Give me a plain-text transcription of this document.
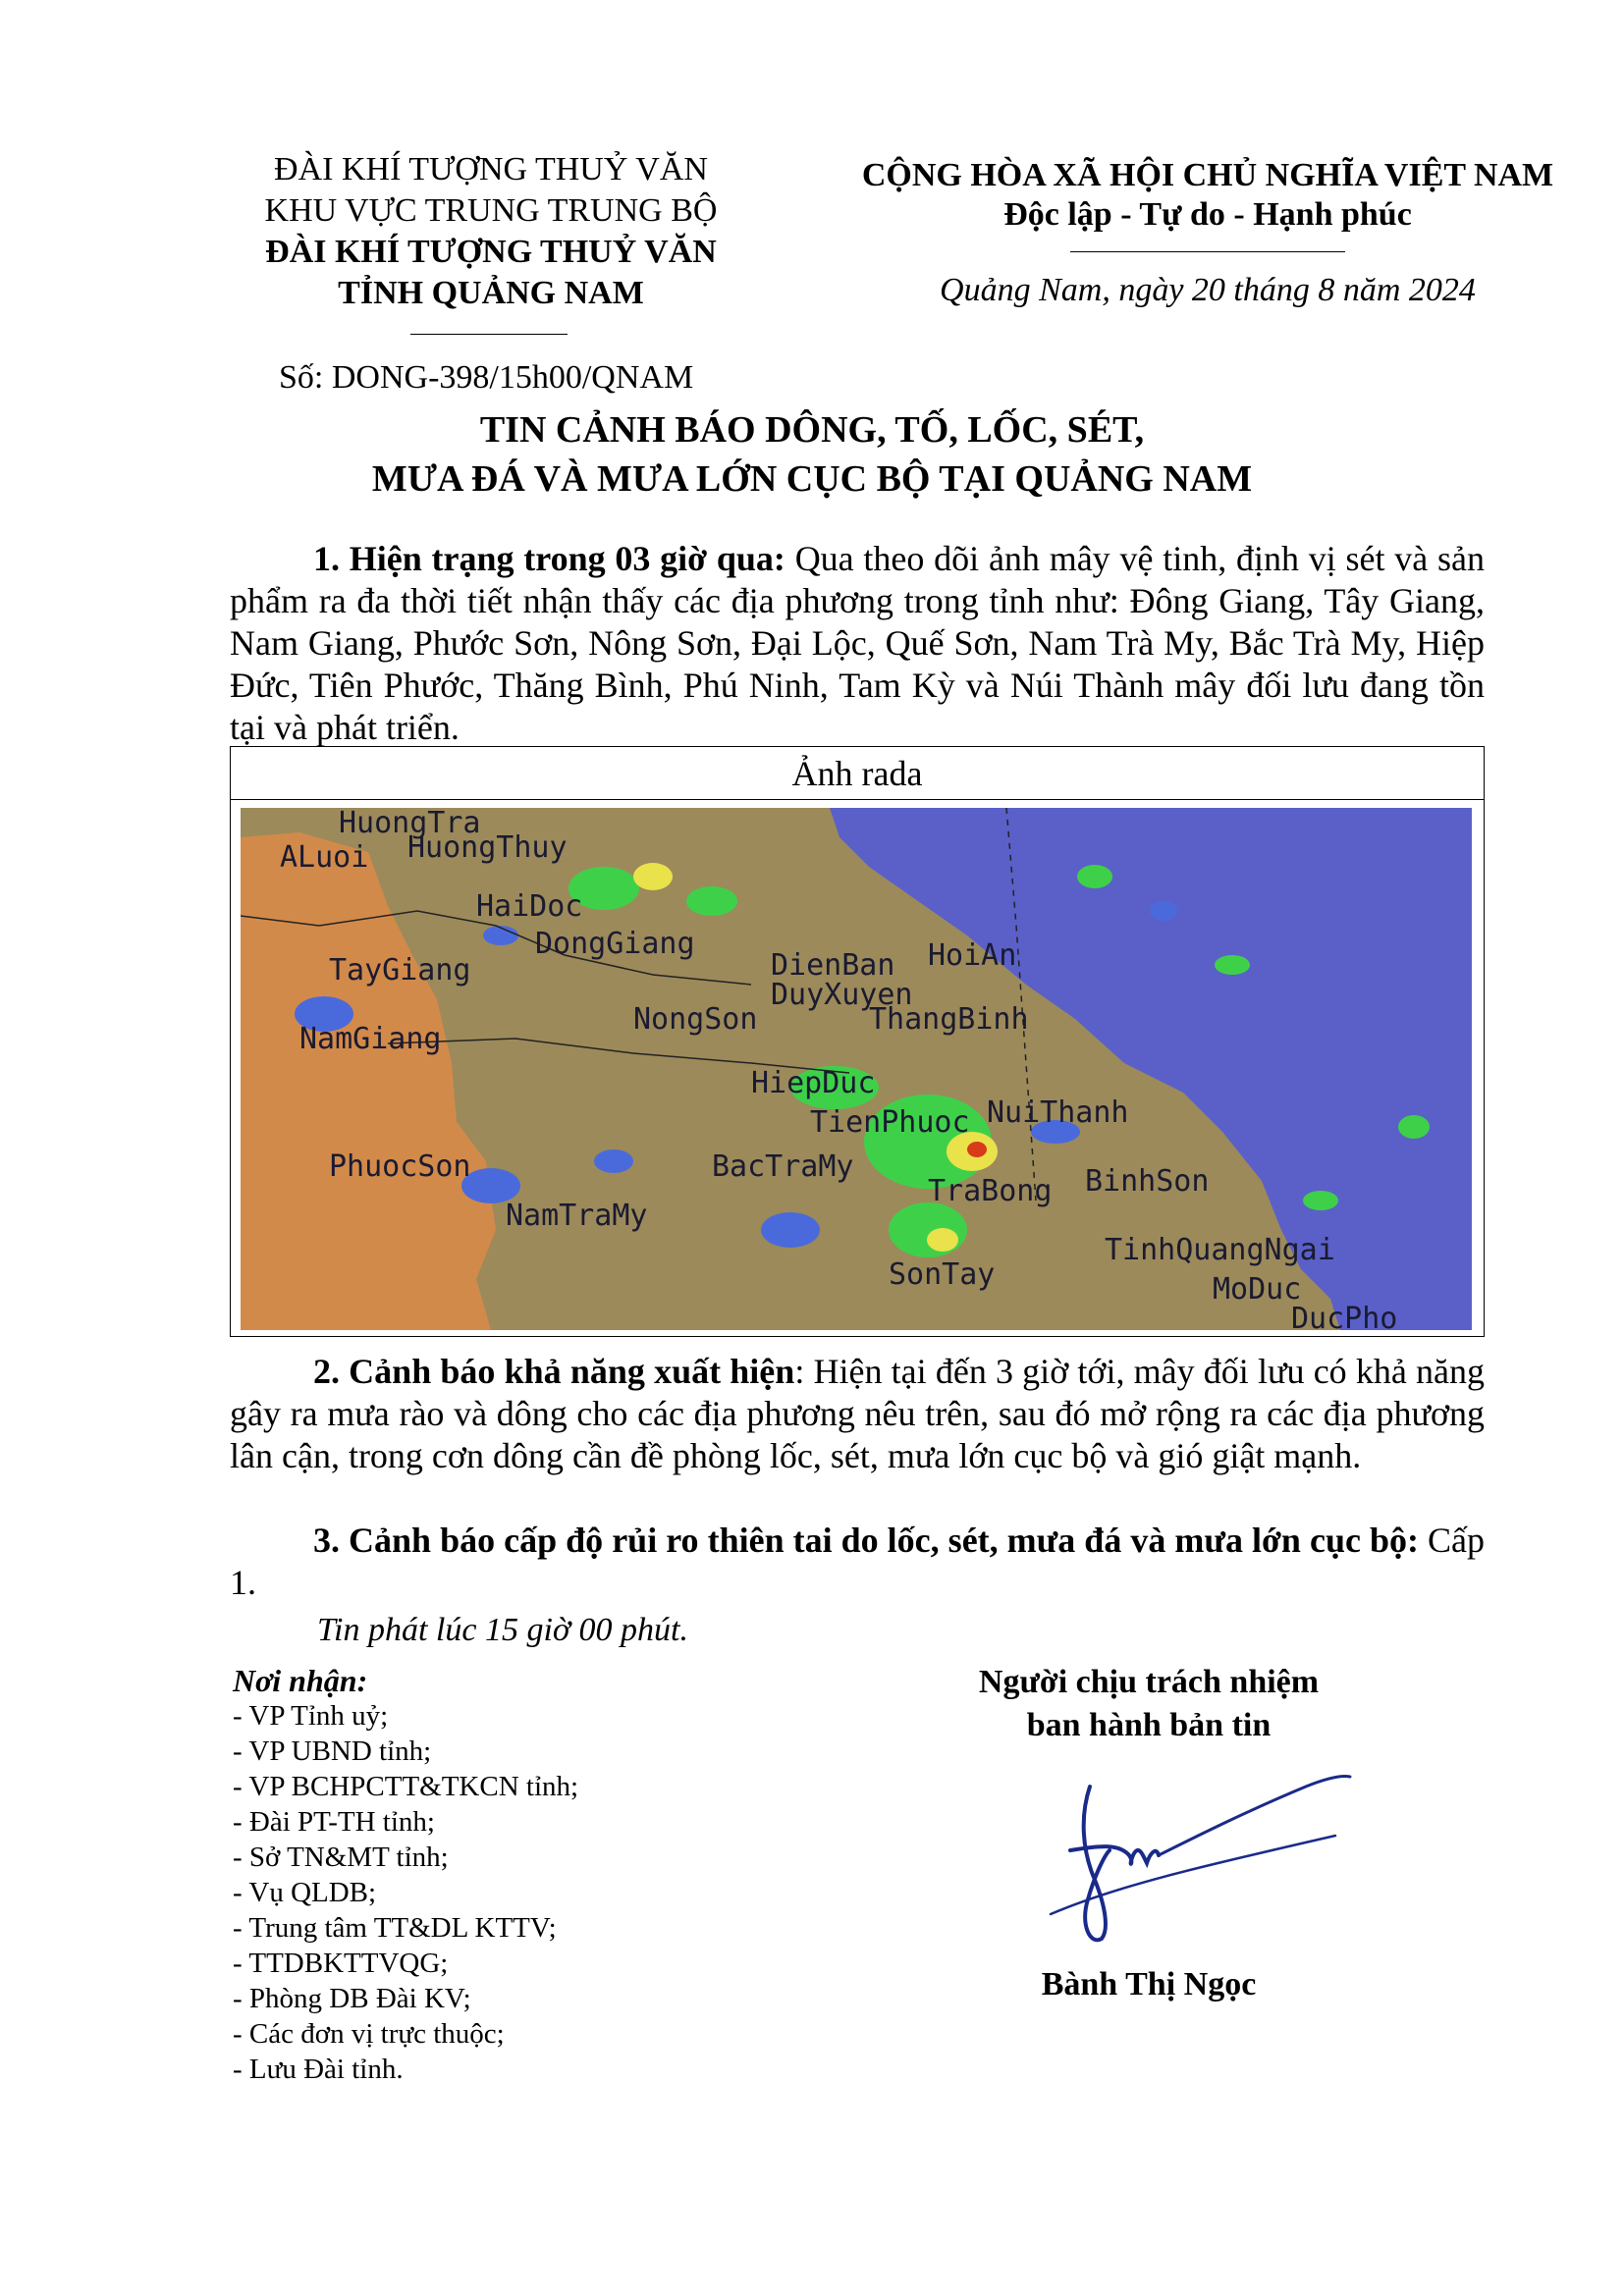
ĐÀI KHÍ TƯỢNG THUỶ VĂN
KHU VỰC TRUNG TRUNG BỘ
ĐÀI KHÍ TƯỢNG THUỶ VĂN
TỈNH QUẢNG NAM
Số: DONG-398/15h00/QNAM
CỘNG HÒA XÃ HỘI CHỦ NGHĨA VIỆT NAM
Độc lập - Tự do - Hạnh phúc
Quảng Nam, ngày 20 tháng 8 năm 2024
TIN CẢNH BÁO DÔNG, TỐ, LỐC, SÉT,
MƯA ĐÁ VÀ MƯA LỚN CỤC BỘ TẠI QUẢNG NAM
1. Hiện trạng trong 03 giờ qua: Qua theo dõi ảnh mây vệ tinh, định vị sét và sản phẩm ra đa thời tiết nhận thấy các địa phương trong tỉnh như: Đông Giang, Tây Giang, Nam Giang, Phước Sơn, Nông Sơn, Đại Lộc, Quế Sơn, Nam Trà My, Bắc Trà My, Hiệp Đức, Tiên Phước, Thăng Bình, Phú Ninh, Tam Kỳ và Núi Thành mây đối lưu đang tồn tại và phát triển.
Ảnh rada
HuongTra
HuongThuy
ALuoi
HaiDoc
DongGiang
TayGiang
NamGiang
DienBan HoiAn
DuyXuyen
NongSon	ThangBinh
HiepDuc
TienPhuoc NuiThanh
PhuocSon	BacTraMy	BinhSon
NamTraMy
TraBong
TinhQuangNgai
SonTay	MoDuc
DucPho
2. Cảnh báo khả năng xuất hiện: Hiện tại đến 3 giờ tới, mây đối lưu có khả năng gây ra mưa rào và dông cho các địa phương nêu trên, sau đó mở rộng ra các địa phương lân cận, trong cơn dông cần đề phòng lốc, sét, mưa lớn cục bộ và gió giật mạnh.
3. Cảnh báo cấp độ rủi ro thiên tai do lốc, sét, mưa đá và mưa lớn cục bộ: Cấp 1.
Tin phát lúc 15 giờ 00 phút.
Nơi nhận:
- VP Tỉnh uỷ;
- VP UBND tỉnh;
- VP BCHPCTT&TKCN tỉnh;
- Đài PT-TH tỉnh;
- Sở TN&MT tỉnh;
- Vụ QLDB;
- Trung tâm TT&DL KTTV;
- TTDBKTTVQG;
- Phòng DB Đài KV;
- Các đơn vị trực thuộc;
- Lưu Đài tỉnh.
Người chịu trách nhiệm
ban hành bản tin
Bành Thị Ngọc
